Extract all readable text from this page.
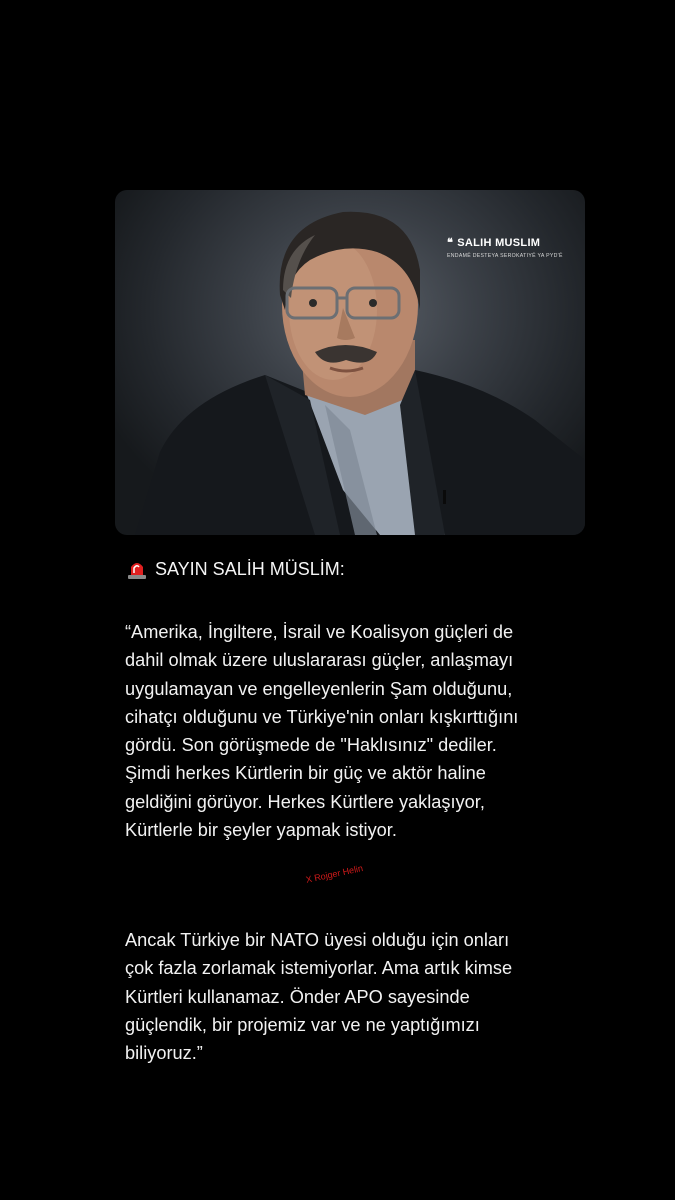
❝ SALIH MUSLIM
ENDAMÊ DESTEYA SEROKATIYÊ YA PYD'Ê
SAYIN SALİH MÜSLİM:
“Amerika, İngiltere, İsrail ve Koalisyon güçleri de
dahil olmak üzere uluslararası güçler, anlaşmayı
uygulamayan ve engelleyenlerin Şam olduğunu,
cihatçı olduğunu ve Türkiye'nin onları kışkırttığını
gördü. Son görüşmede de "Haklısınız" dediler.
Şimdi herkes Kürtlerin bir güç ve aktör haline
geldiğini görüyor. Herkes Kürtlere yaklaşıyor,
Kürtlerle bir şeyler yapmak istiyor.
X Rojger Helin
Ancak Türkiye bir NATO üyesi olduğu için onları
çok fazla zorlamak istemiyorlar. Ama artık kimse
Kürtleri kullanamaz. Önder APO sayesinde
güçlendik, bir projemiz var ve ne yaptığımızı
biliyoruz.”
